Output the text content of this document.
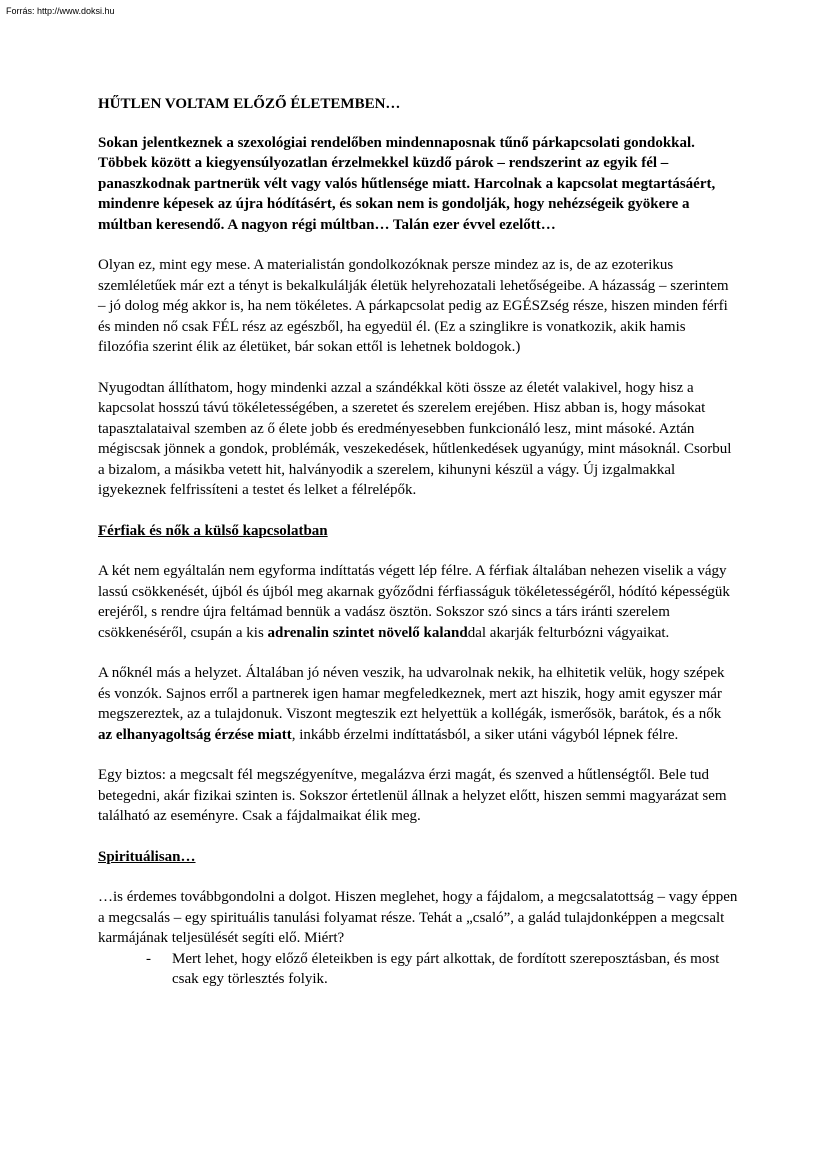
Forrás: http://www.doksi.hu
HŰTLEN VOLTAM ELŐZŐ ÉLETEMBEN…

Sokan jelentkeznek a szexológiai rendelőben mindennaposnak tűnő párkapcsolati gondokkal. Többek között a kiegyensúlyozatlan érzelmekkel küzdő párok – rendszerint az egyik fél – panaszkodnak partnerük vélt vagy valós hűtlensége miatt. Harcolnak a kapcsolat megtartásáért, mindenre képesek az újra hódításért, és sokan nem is gondolják, hogy nehézségeik gyökere a múltban keresendő. A nagyon régi múltban… Talán ezer évvel ezelőtt…

Olyan ez, mint egy mese. A materialistán gondolkozóknak persze mindez az is, de az ezoterikus szemléletűek már ezt a tényt is bekalkulálják életük helyrehozatali lehetőségeibe. A házasság – szerintem – jó dolog még akkor is, ha nem tökéletes. A párkapcsolat pedig az EGÉSZség része, hiszen minden férfi és minden nő csak FÉL rész az egészből, ha egyedül él. (Ez a szinglikre is vonatkozik, akik hamis filozófia szerint élik az életüket, bár sokan ettől is lehetnek boldogok.)

Nyugodtan állíthatom, hogy mindenki azzal a szándékkal köti össze az életét valakivel, hogy hisz a kapcsolat hosszú távú tökéletességében, a szeretet és szerelem erejében. Hisz abban is, hogy másokat tapasztalataival szemben az ő élete jobb és eredményesebben funkcionáló lesz, mint másoké. Aztán mégiscsak jönnek a gondok, problémák, veszekedések, hűtlenkedések ugyanúgy, mint másoknál. Csorbul a bizalom, a másikba vetett hit, halványodik a szerelem, kihunyni készül a vágy. Új izgalmakkal igyekeznek felfrissíteni a testet és lelket a félrelépők.

Férfiak és nők a külső kapcsolatban

A két nem egyáltalán nem egyforma indíttatás végett lép félre. A férfiak általában nehezen viselik a vágy lassú csökkenését, újból és újból meg akarnak győződni férfiasságuk tökéletességéről, hódító képességük erejéről, s rendre újra feltámad bennük a vadász ösztön. Sokszor szó sincs a társ iránti szerelem csökkenéséről, csupán a kis adrenalin szintet növelő kalanddal akarják felturbózni vágyaikat.

A nőknél más a helyzet. Általában jó néven veszik, ha udvarolnak nekik, ha elhitetik velük, hogy szépek és vonzók. Sajnos erről a partnerek igen hamar megfeledkeznek, mert azt hiszik, hogy amit egyszer már megszereztek, az a tulajdonuk. Viszont megteszik ezt helyettük a kollégák, ismerősök, barátok, és a nők az elhanyagoltság érzése miatt, inkább érzelmi indíttatásból, a siker utáni vágyból lépnek félre.

Egy biztos: a megcsalt fél megszégyenítve, megalázva érzi magát, és szenved a hűtlenségtől. Bele tud betegedni, akár fizikai szinten is. Sokszor értetlenül állnak a helyzet előtt, hiszen semmi magyarázat sem található az eseményre. Csak a fájdalmaikat élik meg.

Spirituálisan…

…is érdemes továbbgondolni a dolgot. Hiszen meglehet, hogy a fájdalom, a megcsalatottság – vagy éppen a megcsalás – egy spirituális tanulási folyamat része. Tehát a „csaló”, a galád tulajdonképpen a megcsalt karmájának teljesülését segíti elő. Miért?

- Mert lehet, hogy előző életeikben is egy párt alkottak, de fordított szereposztásban, és most csak egy törlesztés folyik.
